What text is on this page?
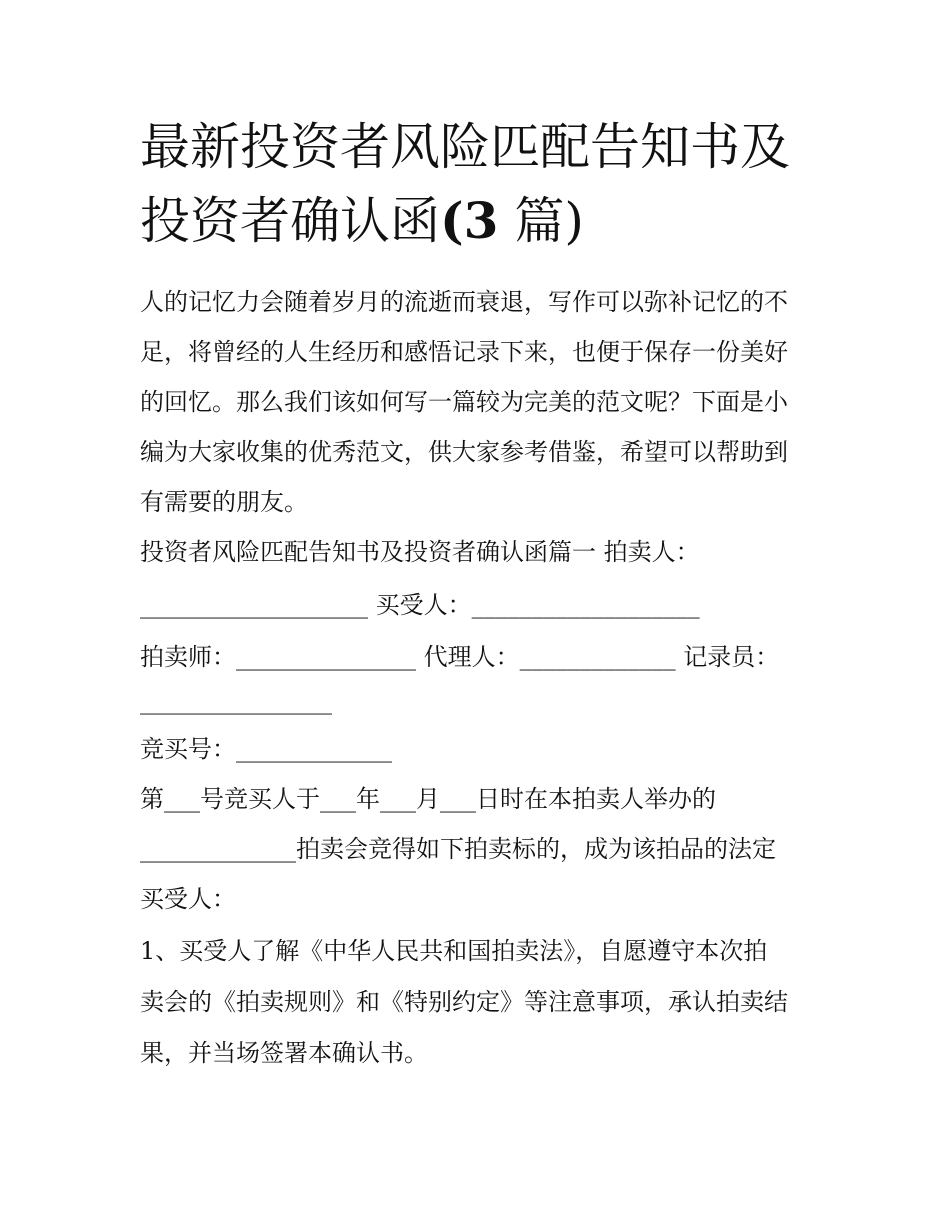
最新投资者风险匹配告知书及
投资者确认函(3 篇)
人的记忆力会随着岁月的流逝而衰退，写作可以弥补记忆的不
足，将曾经的人生经历和感悟记录下来，也便于保存一份美好
的回忆。那么我们该如何写一篇较为完美的范文呢？下面是小
编为大家收集的优秀范文，供大家参考借鉴，希望可以帮助到
有需要的朋友。
投资者风险匹配告知书及投资者确认函篇一 拍卖人：
___________________ 买受人：___________________
拍卖师：_______________ 代理人：_____________ 记录员：
________________
竞买号：_____________
第___号竞买人于___年___月___日时在本拍卖人举办的
_____________拍卖会竞得如下拍卖标的，成为该拍品的法定
买受人：
1、买受人了解《中华人民共和国拍卖法》，自愿遵守本次拍
卖会的《拍卖规则》和《特别约定》等注意事项，承认拍卖结
果，并当场签署本确认书。
